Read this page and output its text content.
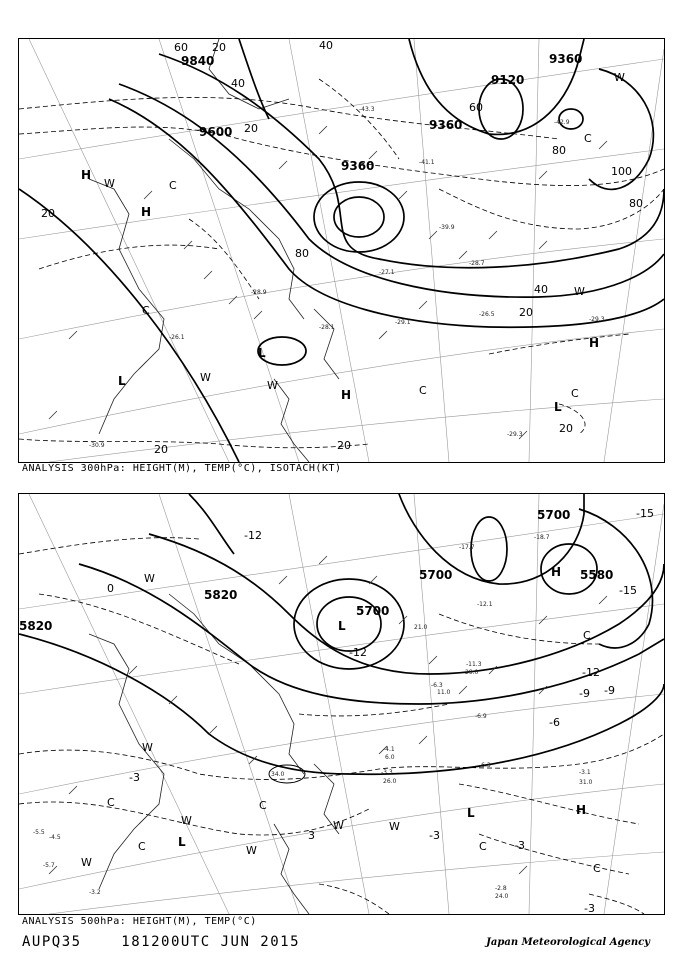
9600
9360
9120
9360
9360
9840
60 20
40
20
40
60
80
100
80
40
20
20
20	20
20
80
L
H
H
H
L
L
H
W
C
C
W
W
W
C
C
C
W
-28.7
-29.1
-26.5
-27.1
-28.1
-29.3
-29.3
-30.9
-39.9
-41.1
-42.9
-43.3
-26.1
-28.9
ANALYSIS 300hPa: HEIGHT(M), TEMP(°C), ISOTACH(KT)
5700
5700
5700
5580
5820
5820
-15
-12
-15
-12
-9
-6
-3
-3
-3
-3
-12
-9
0
3
L
L
L	H
H
W
C
W
C
W
W
W
C
C
W
C
C
W
-3.3
-4.1
-6.3
-2.8
-3.1
-3.2
-4.5
-5.5
-5.7
-11.3
-12.1
-17.7
-18.7
-6.9
-6.3
24.0
26.0	31.0
34.0
21.0
29.0
11.0
6.0
ANALYSIS 500hPa: HEIGHT(M), TEMP(°C)
AUPQ35	181200UTC JUN 2015	Japan Meteorological Agency
